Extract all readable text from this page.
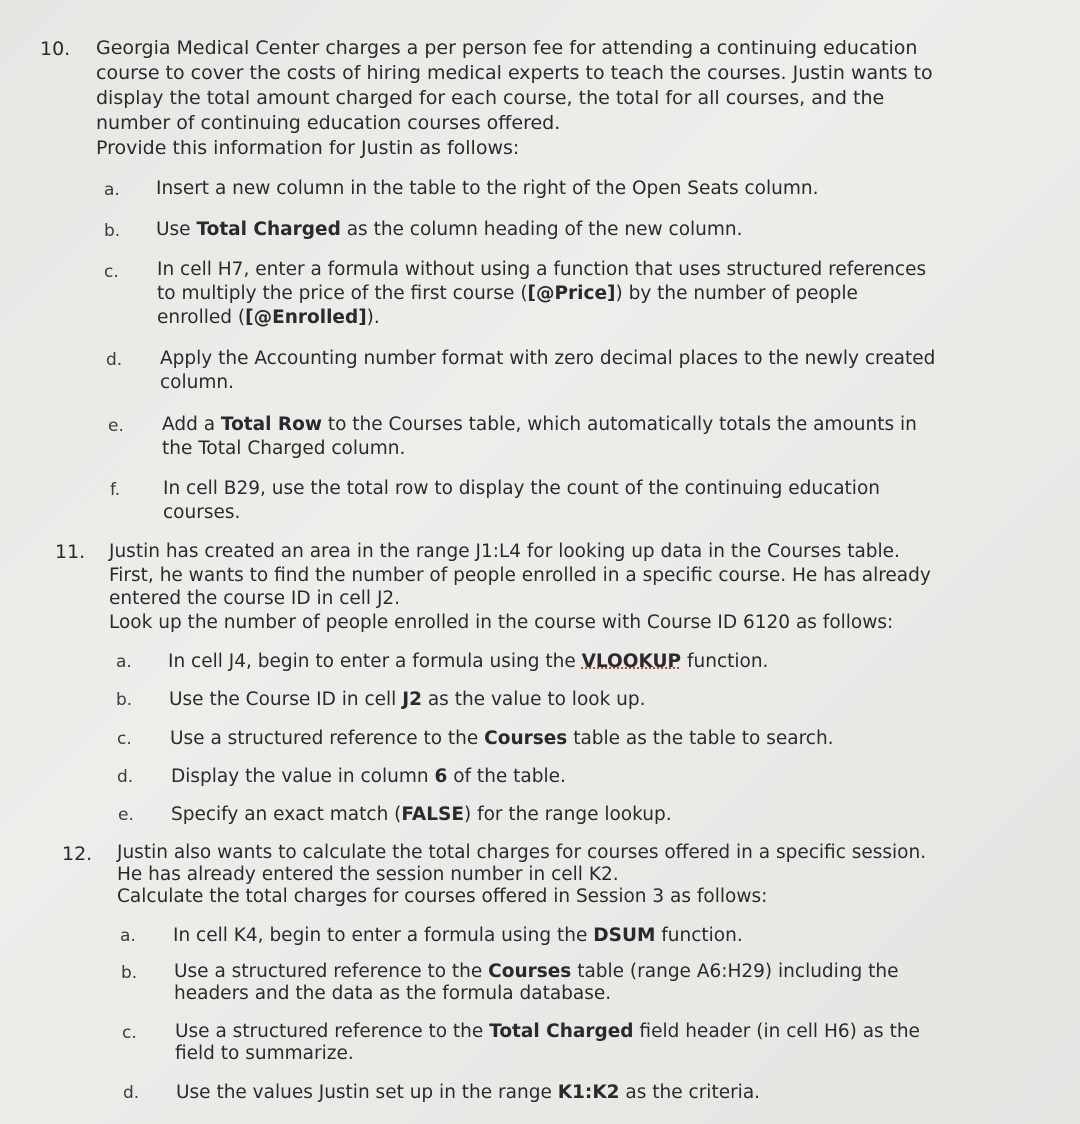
10. Georgia Medical Center charges a per person fee for attending a continuing education
course to cover the costs of hiring medical experts to teach the courses. Justin wants to
display the total amount charged for each course, the total for all courses, and the
number of continuing education courses offered.
Provide this information for Justin as follows:
a. Insert a new column in the table to the right of the Open Seats column.
b. Use Total Charged as the column heading of the new column.
c. In cell H7, enter a formula without using a function that uses structured references
to multiply the price of the first course ([@Price]) by the number of people
enrolled ([@Enrolled]).
d. Apply the Accounting number format with zero decimal places to the newly created
column.
e. Add a Total Row to the Courses table, which automatically totals the amounts in
the Total Charged column.
f. In cell B29, use the total row to display the count of the continuing education
courses.
11. Justin has created an area in the range J1:L4 for looking up data in the Courses table.
First, he wants to find the number of people enrolled in a specific course. He has already
entered the course ID in cell J2.
Look up the number of people enrolled in the course with Course ID 6120 as follows:
a. In cell J4, begin to enter a formula using the VLOOKUP function.
b. Use the Course ID in cell J2 as the value to look up.
c. Use a structured reference to the Courses table as the table to search.
d. Display the value in column 6 of the table.
e. Specify an exact match (FALSE) for the range lookup.
12. Justin also wants to calculate the total charges for courses offered in a specific session.
He has already entered the session number in cell K2.
Calculate the total charges for courses offered in Session 3 as follows:
a. In cell K4, begin to enter a formula using the DSUM function.
b. Use a structured reference to the Courses table (range A6:H29) including the
headers and the data as the formula database.
c. Use a structured reference to the Total Charged field header (in cell H6) as the
field to summarize.
d. Use the values Justin set up in the range K1:K2 as the criteria.
